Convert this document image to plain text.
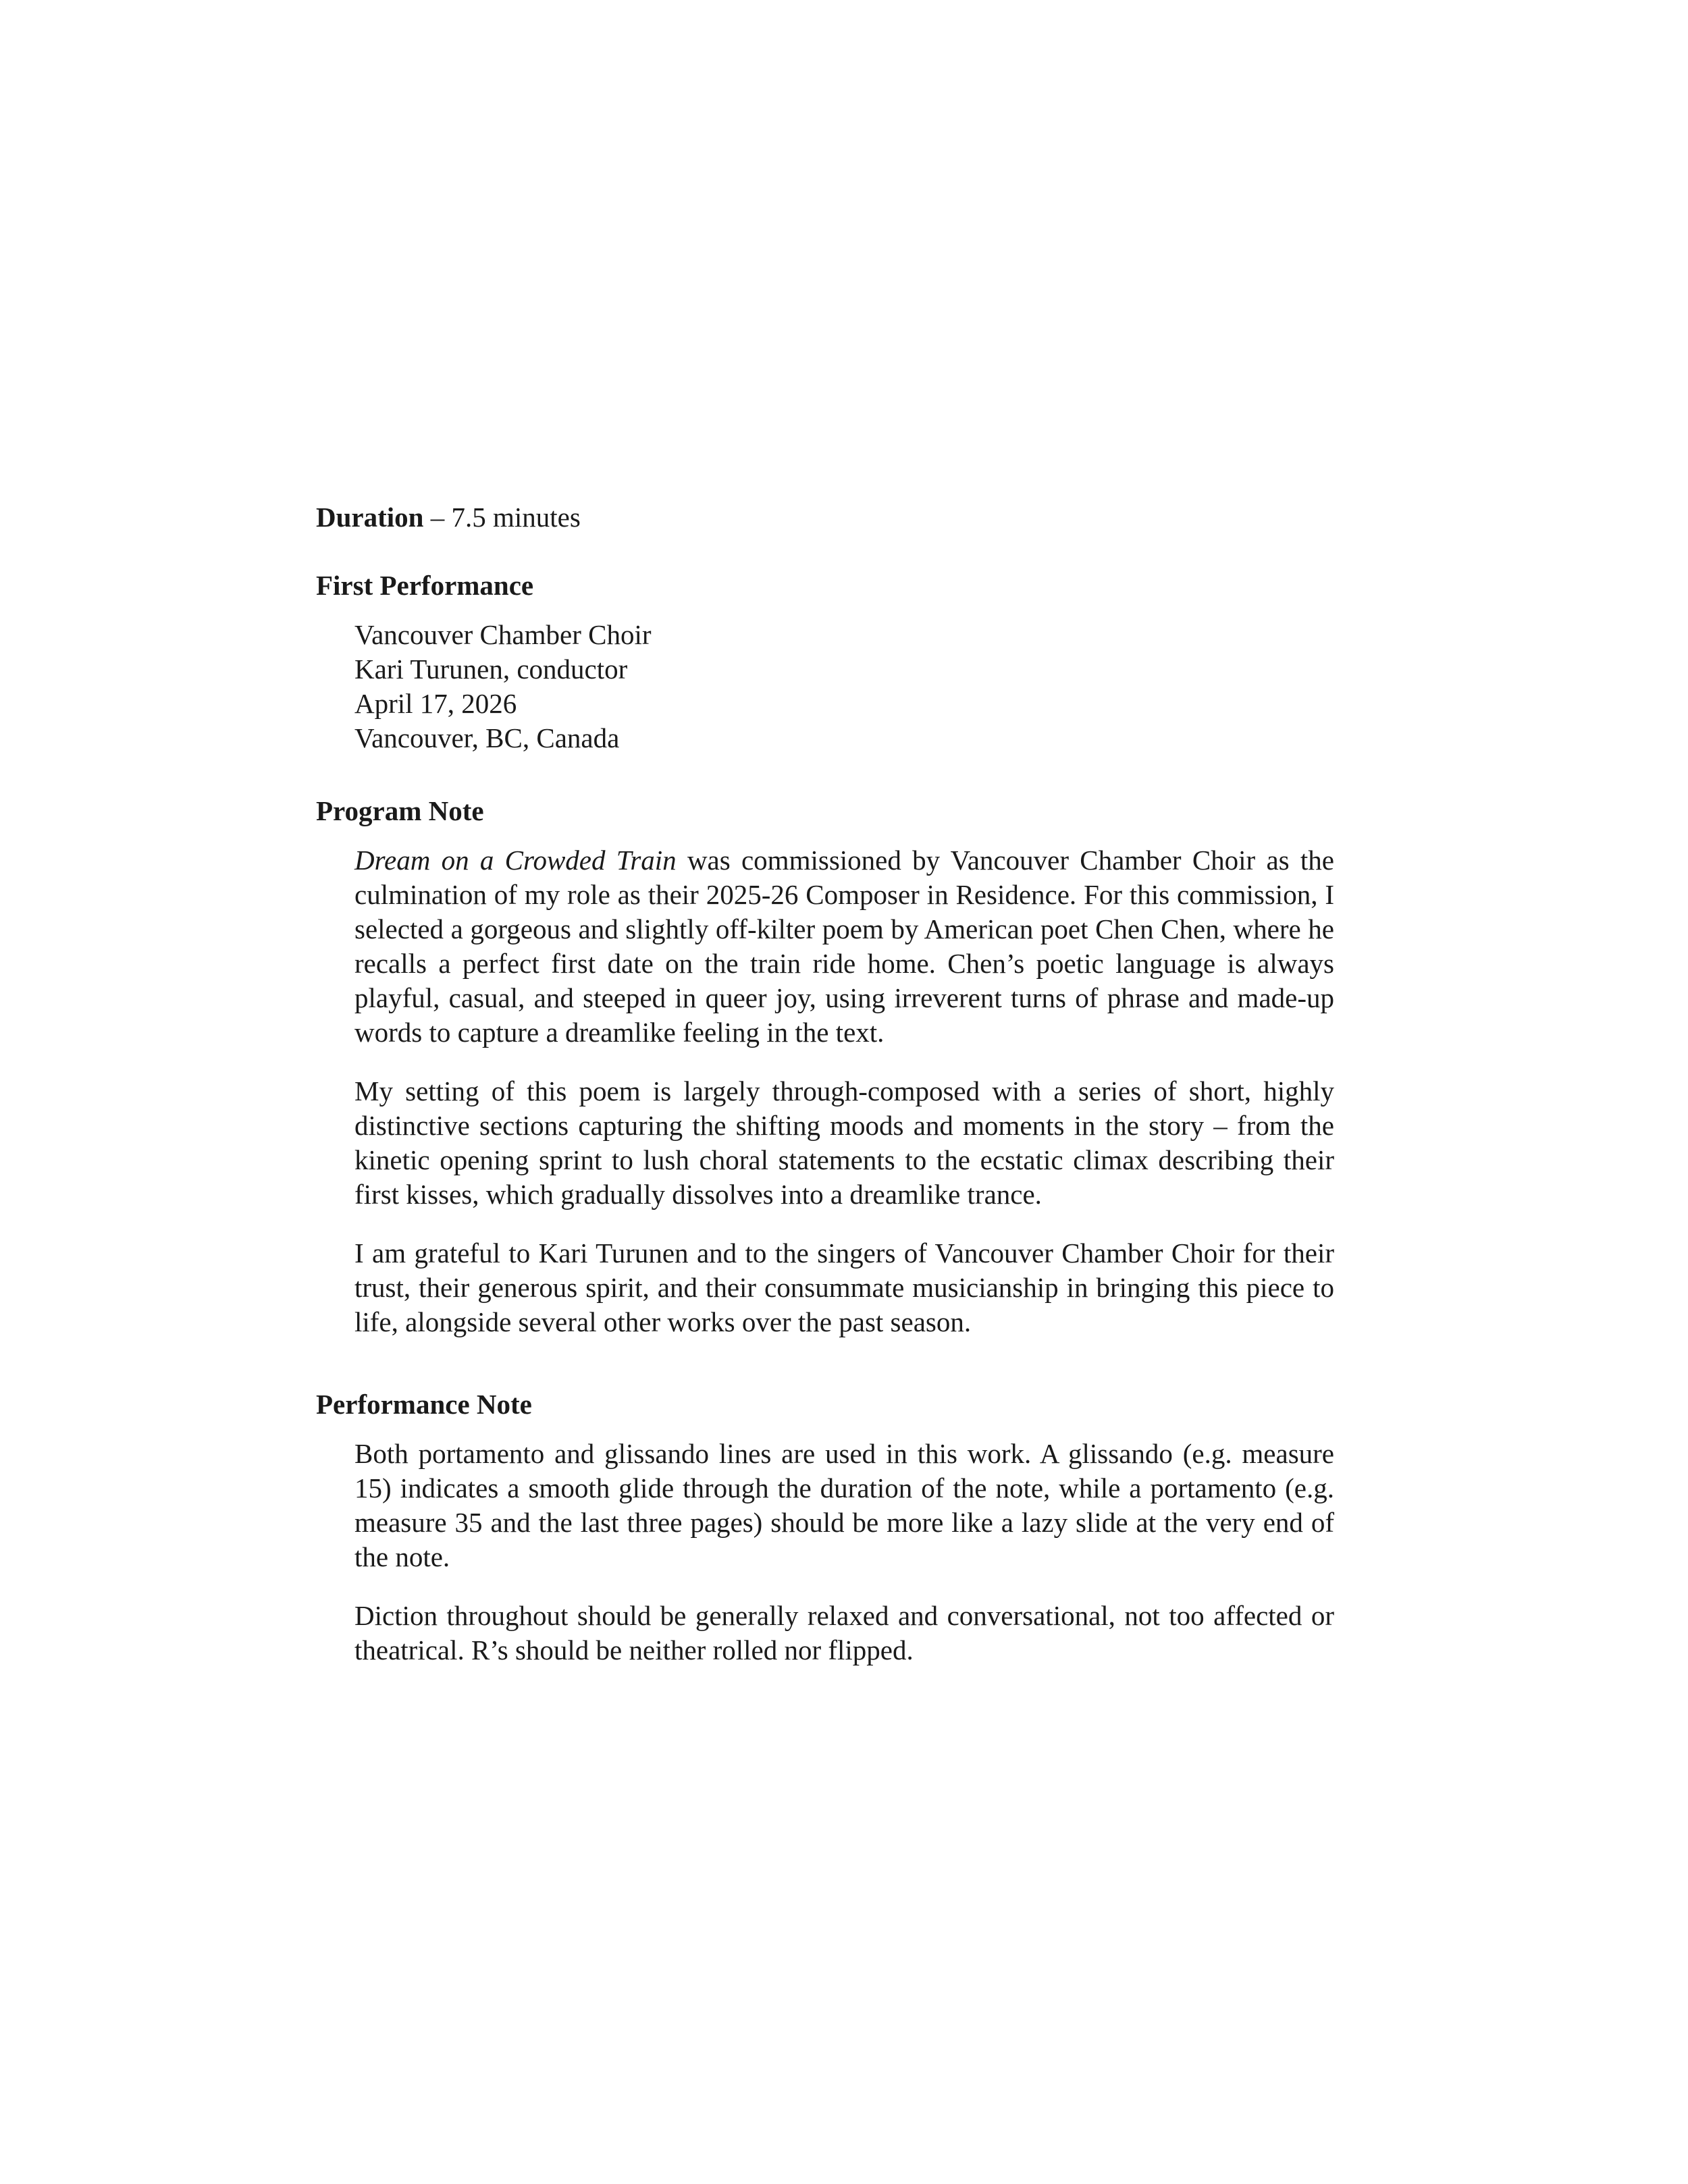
Duration – 7.5 minutes

First Performance

Vancouver Chamber Choir

Kari Turunen, conductor

April 17, 2026

Vancouver, BC, Canada

Program Note

Dream on a Crowded Train was commissioned by Vancouver Chamber Choir as the culmination of my role as their 2025-26 Composer in Residence. For this commission, I selected a gorgeous and slightly off-kilter poem by American poet Chen Chen, where he recalls a perfect first date on the train ride home. Chen’s poetic language is always playful, casual, and steeped in queer joy, using irreverent turns of phrase and made-up words to capture a dreamlike feeling in the text.

My setting of this poem is largely through-composed with a series of short, highly distinctive sections capturing the shifting moods and moments in the story – from the kinetic opening sprint to lush choral statements to the ecstatic climax describing their first kisses, which gradually dissolves into a dreamlike trance.

I am grateful to Kari Turunen and to the singers of Vancouver Chamber Choir for their trust, their generous spirit, and their consummate musicianship in bringing this piece to life, alongside several other works over the past season.

Performance Note

Both portamento and glissando lines are used in this work. A glissando (e.g. measure 15) indicates a smooth glide through the duration of the note, while a portamento (e.g. measure 35 and the last three pages) should be more like a lazy slide at the very end of the note.

Diction throughout should be generally relaxed and conversational, not too affected or theatrical. R’s should be neither rolled nor flipped.
